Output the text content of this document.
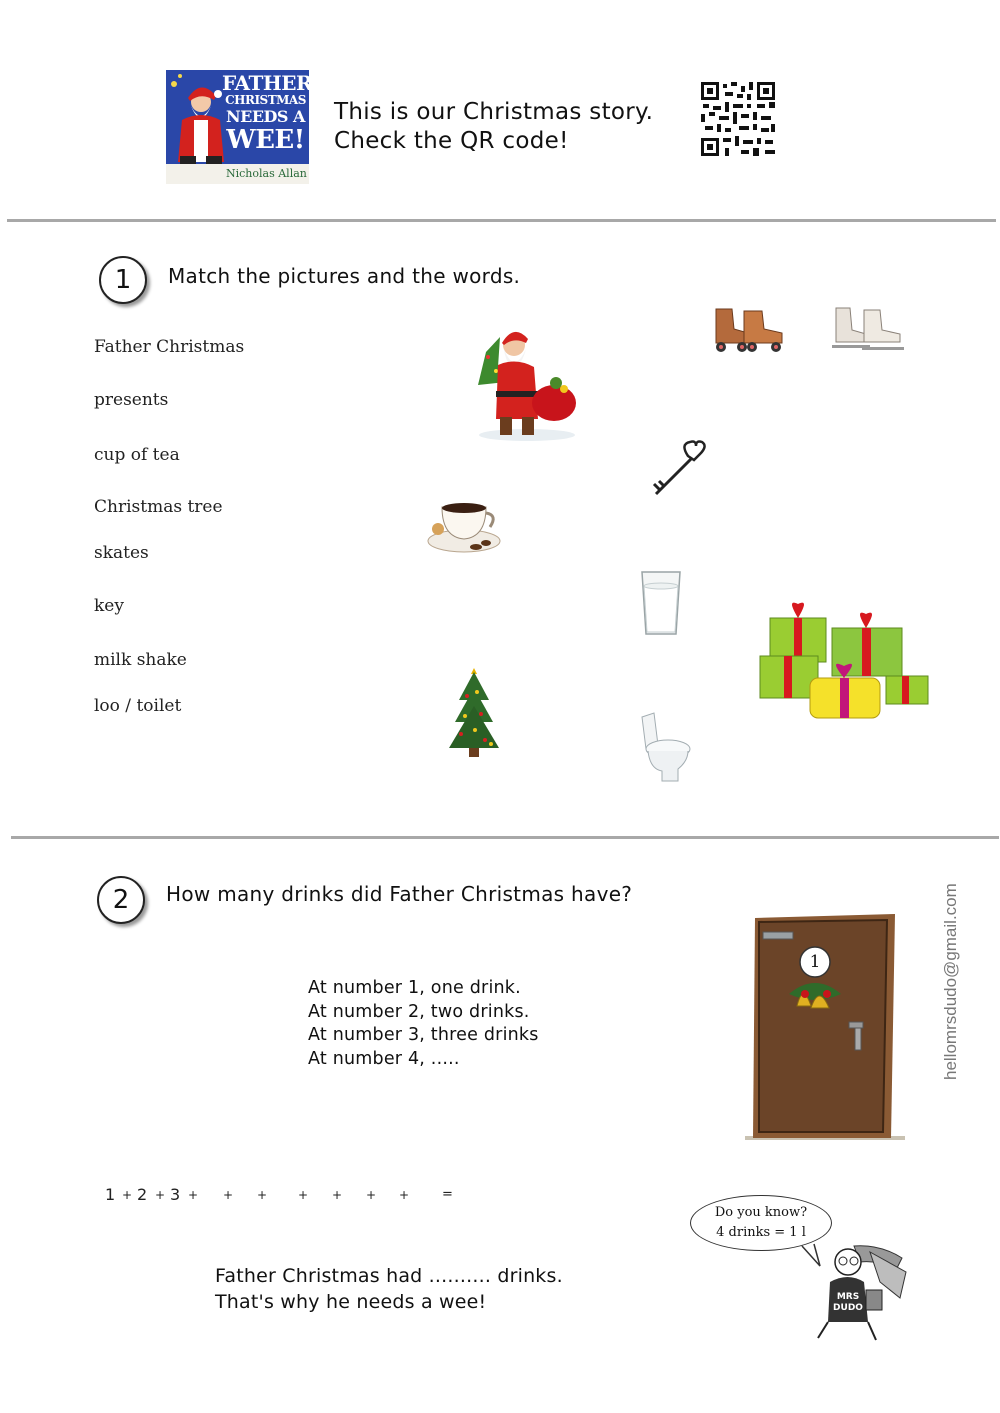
FATHER
CHRISTMAS
NEEDS A
WEE!
Nicholas Allan
This is our Christmas story.
Check the QR code!
1	Match the pictures and the words.
Father Christmas
presents
cup of tea
Christmas tree
skates
key
milk shake
loo / toilet
2	How many drinks did Father Christmas have?
At number 1, one drink.
At number 2, two drinks.
At number 3, three drinks
At number 4, .....
1	hellomrsdudo@gmail.com
1 + 2 + 3 + + +	+ + + +	=
Father Christmas had .......... drinks.
That's why he needs a wee!
Do you know?
4 drinks = 1 l
MRS DUDO
